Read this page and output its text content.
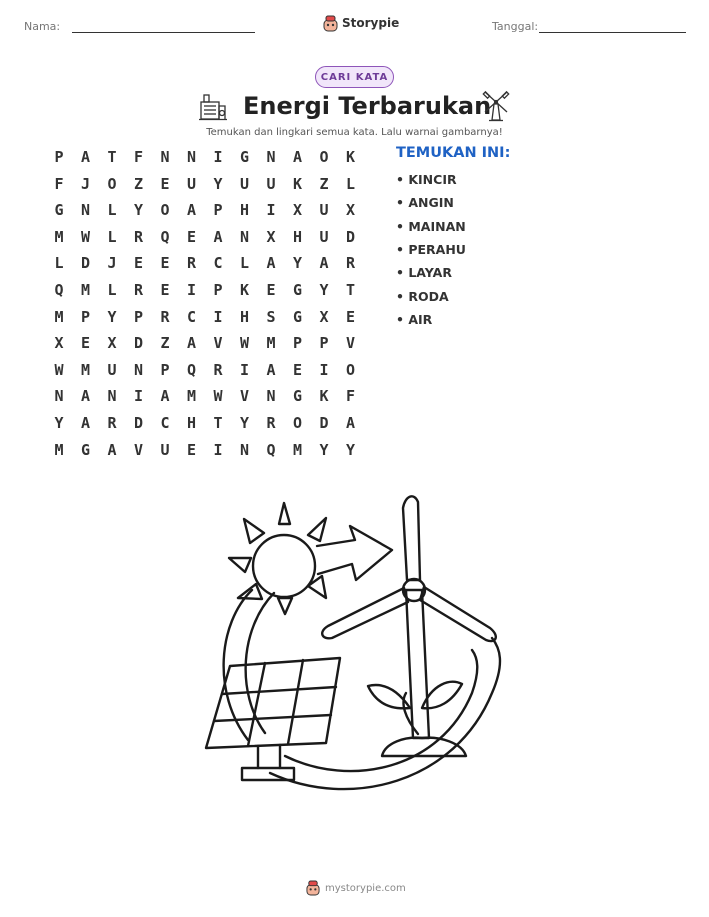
Nama:	Storypie	Tanggal:
CARI KATA
Energi Terbarukan
Temukan dan lingkari semua kata. Lalu warnai gambarnya!
P	A	T	F	N	N	I	G	N	A	O	K
F	J	O	Z	E	U	Y	U	U	K	Z	L
G	N	L	Y	O	A	P	H	I	X	U	X
M	W	L	R	Q	E	A	N	X	H	U	D
L	D	J	E	E	R	C	L	A	Y	A	R
Q	M	L	R	E	I	P	K	E	G	Y	T
M	P	Y	P	R	C	I	H	S	G	X	E
X	E	X	D	Z	A	V	W	M	P	P	V
W	M	U	N	P	Q	R	I	A	E	I	O
N	A	N	I	A	M	W	V	N	G	K	F
Y	A	R	D	C	H	T	Y	R	O	D	A
M	G	A	V	U	E	I	N	Q	M	Y	Y
TEMUKAN INI:
• KINCIR
• ANGIN
• MAINAN
• PERAHU
• LAYAR
• RODA
• AIR
mystorypie.com
